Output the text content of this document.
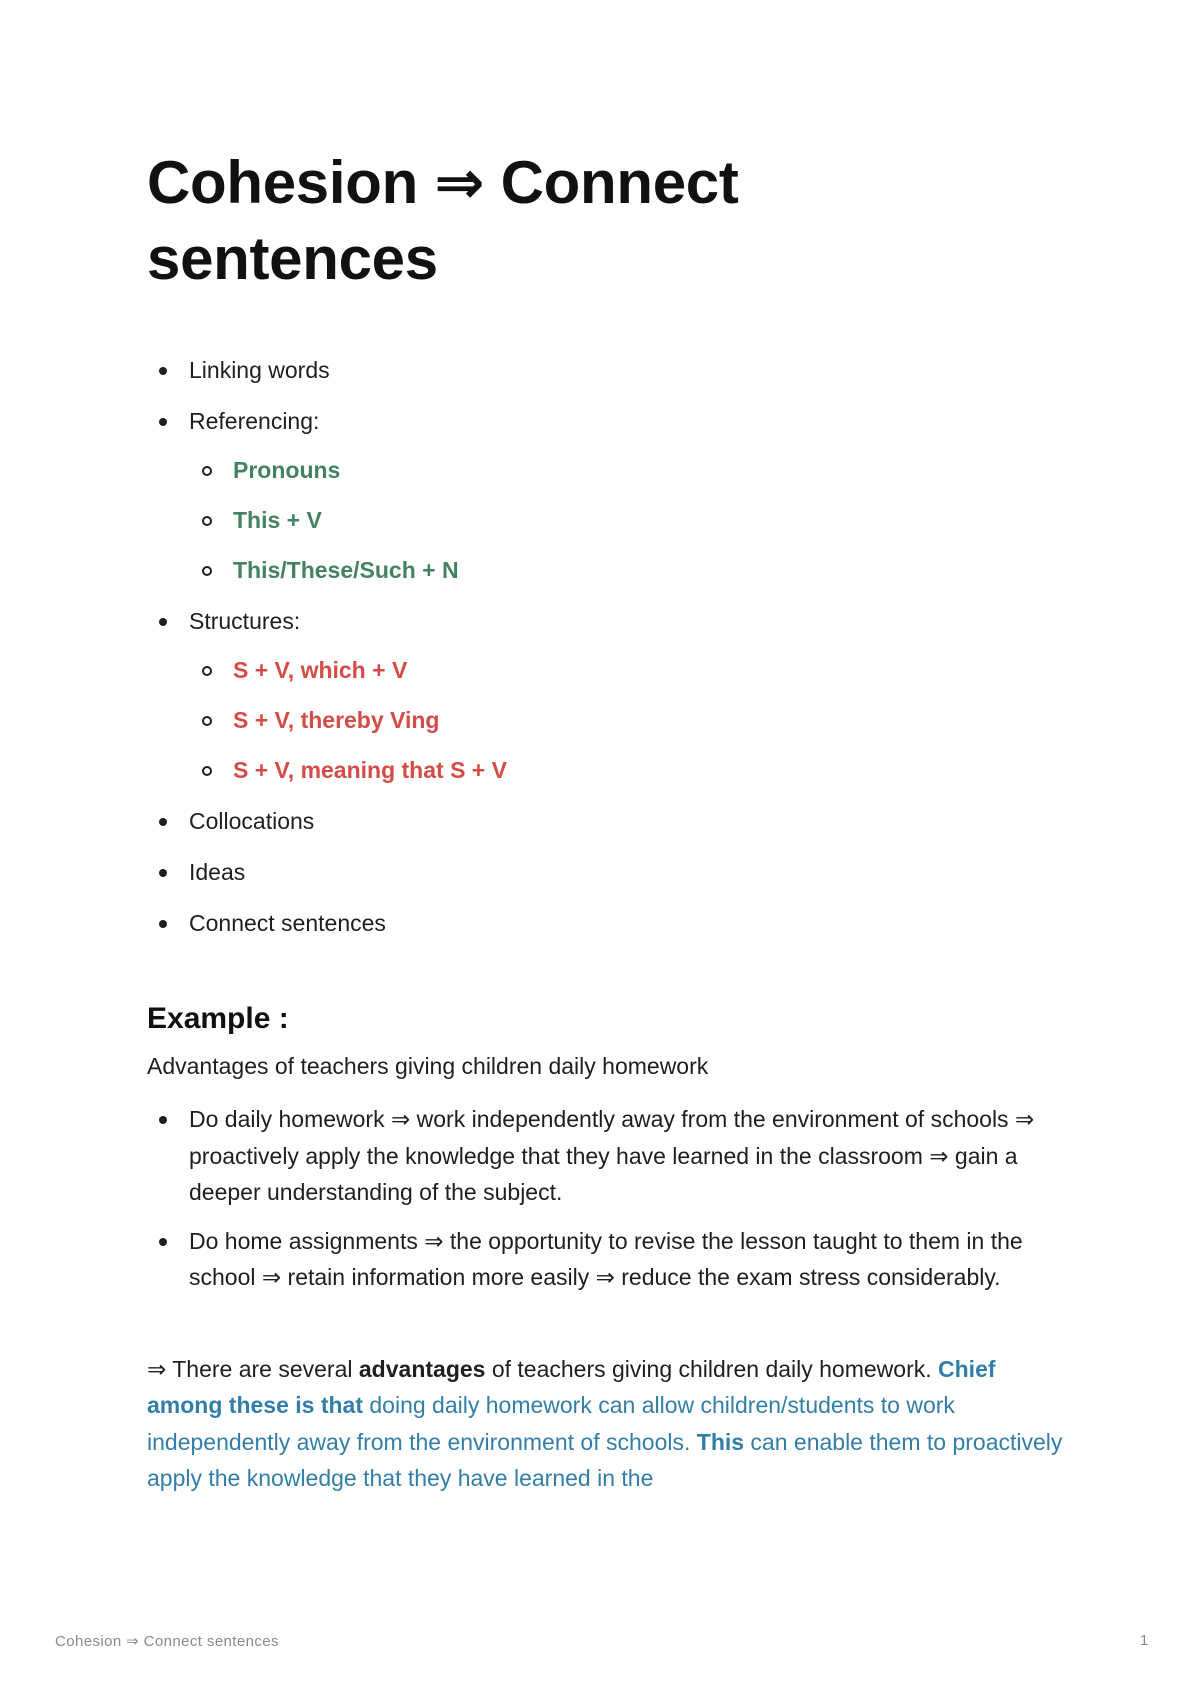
Cohesion ⇒ Connect
sentences
Linking words
Referencing:
Pronouns
This + V
This/These/Such + N
Structures:
S + V, which + V
S + V, thereby Ving
S + V, meaning that S + V
Collocations
Ideas
Connect sentences
Example :
Advantages of teachers giving children daily homework
Do daily homework ⇒ work independently away from the environment of schools ⇒ proactively apply the knowledge that they have learned in the classroom ⇒ gain a deeper understanding of the subject.
Do home assignments ⇒ the opportunity to revise the lesson taught to them in the school ⇒ retain information more easily ⇒ reduce the exam stress considerably.

⇒ There are several advantages of teachers giving children daily homework. Chief among these is that doing daily homework can allow children/students to work independently away from the environment of schools. This can enable them to proactively apply the knowledge that they have learned in the

Cohesion ⇒ Connect sentences	1
